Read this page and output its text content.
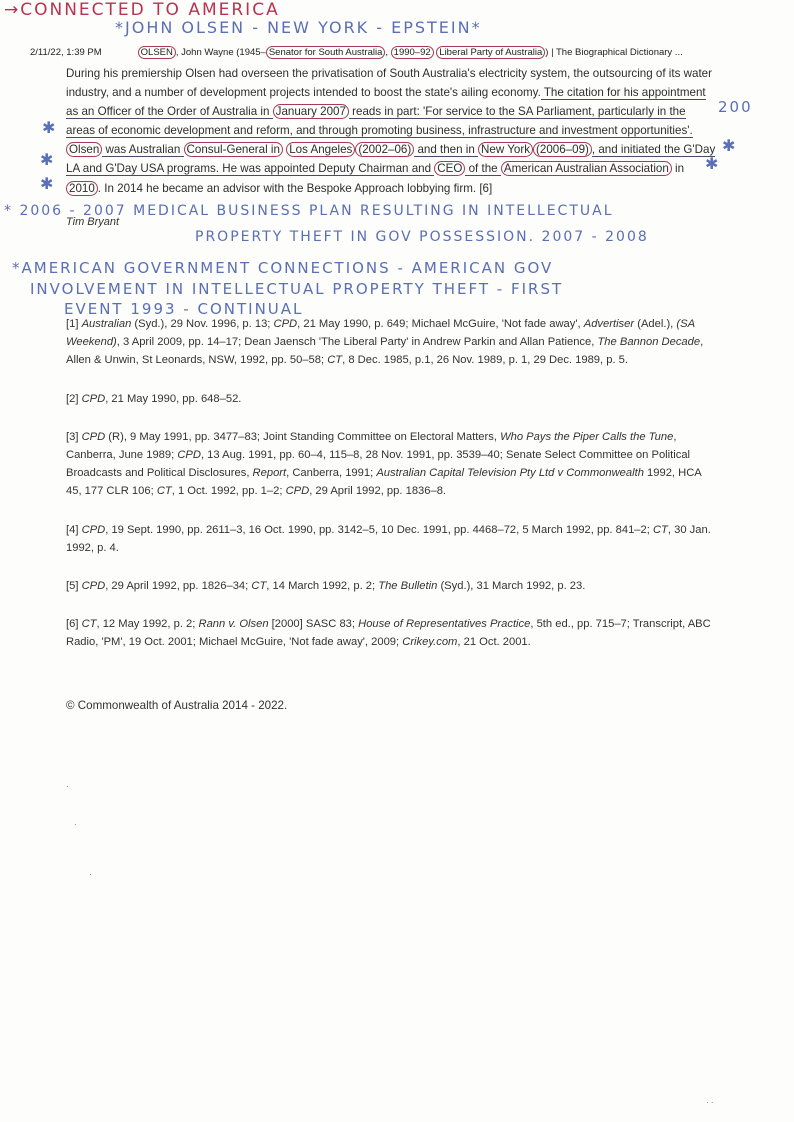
→CONNECTED TO AMERICA
*JOHN OLSEN - NEW YORK - EPSTEIN*
200
✱
✱
✱
✱
✱
2/11/22, 1:39 PM	OLSEN , John Wayne (1945– Senator for South Australia , 1990–92 Liberal Party of Australia ) | The Biographical Dictionary ...
During his premiership Olsen had overseen the privatisation of South Australia's electricity system, the outsourcing of its water industry, and a number of development projects intended to boost the state's ailing economy. The citation for his appointment as an Officer of the Order of Australia in January 2007 reads in part: 'For service to the SA Parliament, particularly in the areas of economic development and reform, and through promoting business, infrastructure and investment opportunities'. Olsen was Australian Consul-General in Los Angeles (2002–06) and then in New York (2006–09) , and initiated the G'Day LA and G'Day USA programs. He was appointed Deputy Chairman and CEO of the American Australian Association in 2010 . In 2014 he became an advisor with the Bespoke Approach lobbying firm. [6]
Tim Bryant
* 2006 - 2007 MEDICAL BUSINESS PLAN RESULTING IN INTELLECTUAL
PROPERTY THEFT IN GOV POSSESSION. 2007 - 2008
*AMERICAN GOVERNMENT CONNECTIONS - AMERICAN GOV
INVOLVEMENT IN INTELLECTUAL PROPERTY THEFT - FIRST
EVENT 1993 - CONTINUAL
[1] Australian (Syd.), 29 Nov. 1996, p. 13; CPD, 21 May 1990, p. 649; Michael McGuire, 'Not fade away', Advertiser (Adel.), (SA Weekend), 3 April 2009, pp. 14–17; Dean Jaensch 'The Liberal Party' in Andrew Parkin and Allan Patience, The Bannon Decade, Allen & Unwin, St Leonards, NSW, 1992, pp. 50–58; CT, 8 Dec. 1985, p.1, 26 Nov. 1989, p. 1, 29 Dec. 1989, p. 5.
[2] CPD, 21 May 1990, pp. 648–52.
[3] CPD (R), 9 May 1991, pp. 3477–83; Joint Standing Committee on Electoral Matters, Who Pays the Piper Calls the Tune, Canberra, June 1989; CPD, 13 Aug. 1991, pp. 60–4, 115–8, 28 Nov. 1991, pp. 3539–40; Senate Select Committee on Political Broadcasts and Political Disclosures, Report, Canberra, 1991; Australian Capital Television Pty Ltd v Commonwealth 1992, HCA 45, 177 CLR 106; CT, 1 Oct. 1992, pp. 1–2; CPD, 29 April 1992, pp. 1836–8.
[4] CPD, 19 Sept. 1990, pp. 2611–3, 16 Oct. 1990, pp. 3142–5, 10 Dec. 1991, pp. 4468–72, 5 March 1992, pp. 841–2; CT, 30 Jan. 1992, p. 4.
[5] CPD, 29 April 1992, pp. 1826–34; CT, 14 March 1992, p. 2; The Bulletin (Syd.), 31 March 1992, p. 23.
[6] CT, 12 May 1992, p. 2; Rann v. Olsen [2000] SASC 83; House of Representatives Practice, 5th ed., pp. 715–7; Transcript, ABC Radio, 'PM', 19 Oct. 2001; Michael McGuire, 'Not fade away', 2009; Crikey.com, 21 Oct. 2001.
© Commonwealth of Australia 2014 - 2022.
·
·
·
· ·
